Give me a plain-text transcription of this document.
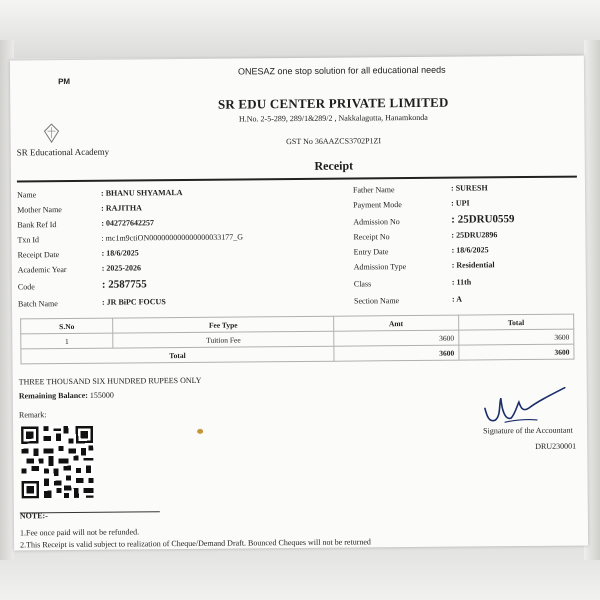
PM
ONESAZ one stop solution for all educational needs
SR Educational Academy
SR EDU CENTER PRIVATE LIMITED
H.No. 2-5-289, 289/1&289/2 , Nakkalagutta, Hanamkonda
GST No 36AAZCS3702P1ZI
Receipt
Name	: BHANU SHYAMALA
Mother Name	: RAJITHA
Bank Ref Id	: 042727642257
Txn Id	: mc1m9ctiON000000000000000033177_G
Receipt Date	: 18/6/2025
Academic Year	: 2025-2026
Code	: 2587755
Batch Name	: JR BiPC FOCUS
Father Name	: SURESH
Payment Mode	: UPI
Admission No	: 25DRU0559
Receipt No	: 25DRU2896
Entry Date	: 18/6/2025
Admission Type	: Residential
Class	: 11th
Section Name	: A
S.No	Fee Type	Amt	Total
1	Tuition Fee	3600	3600
Total		3600	3600
THREE THOUSAND SIX HUNDRED RUPEES ONLY
Remaining Balance: 155000
Remark:
Signature of the Accountant
DRU230001
NOTE:-
1.Fee once paid will not be refunded.
2.This Receipt is valid subject to realization of Cheque/Demand Draft. Bounced Cheques will not be returned
